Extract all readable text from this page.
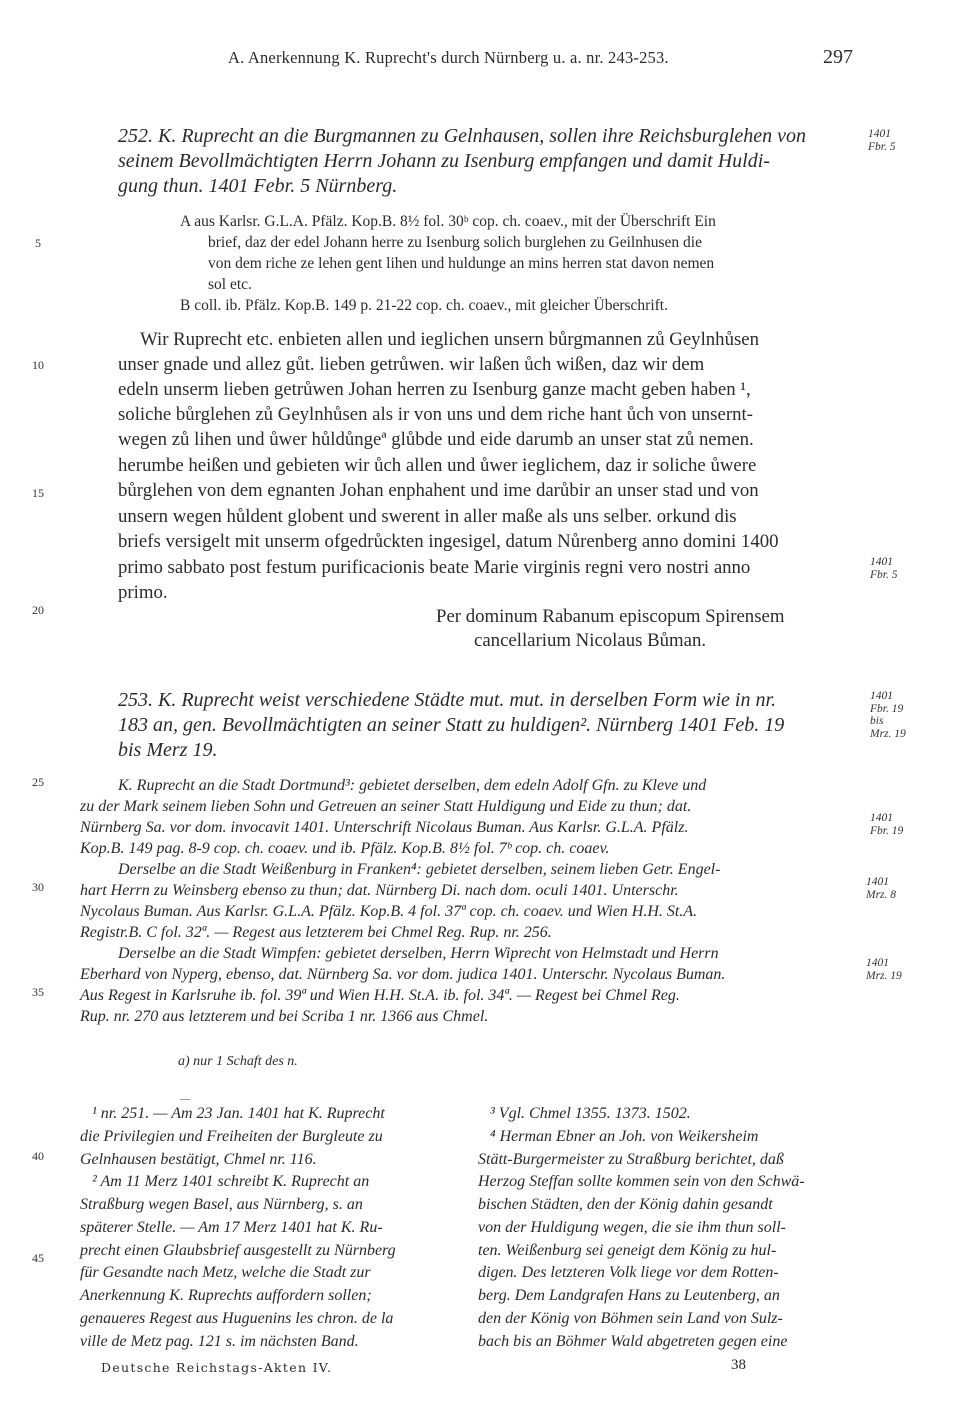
A. Anerkennung K. Ruprecht's durch Nürnberg u. a. nr. 243-253.	297
252. K. Ruprecht an die Burgmannen zu Gelnhausen, sollen ihre Reichsburglehen von
seinem Bevollmächtigten Herrn Johann zu Isenburg empfangen und damit Huldi-
gung thun. 1401 Febr. 5 Nürnberg.
A aus Karlsr. G.L.A. Pfälz. Kop.B. 8½ fol. 30ᵇ cop. ch. coaev., mit der Überschrift Ein
brief, daz der edel Johann herre zu Isenburg solich burglehen zu Geilnhusen die
von dem riche ze lehen gent lihen und huldunge an mins herren stat davon nemen
sol etc.
B coll. ib. Pfälz. Kop.B. 149 p. 21-22 cop. ch. coaev., mit gleicher Überschrift.
Wir Ruprecht etc. enbieten allen und ieglichen unsern bůrgmannen zů Geylnhůsen
unser gnade und allez gůt. lieben getrůwen. wir laßen ůch wißen, daz wir dem
edeln unserm lieben getrůwen Johan herren zu Isenburg ganze macht geben haben ¹,
soliche bůrglehen zů Geylnhůsen als ir von uns und dem riche hant ůch von unsernt-
wegen zů lihen und ůwer hůldůngeª glůbde und eide darumb an unser stat zů nemen.
herumbe heißen und gebieten wir ůch allen und ůwer ieglichem, daz ir soliche ůwere
bůrglehen von dem egnanten Johan enphahent und ime darůbir an unser stad und von
unsern wegen hůldent globent und swerent in aller maße als uns selber. orkund dis
briefs versigelt mit unserm ofgedrůckten ingesigel, datum Nůrenberg anno domini 1400
primo sabbato post festum purificacionis beate Marie virginis regni vero nostri anno
primo.
Per dominum Rabanum episcopum Spirensem
cancellarium Nicolaus Bůman.
253. K. Ruprecht weist verschiedene Städte mut. mut. in derselben Form wie in nr.
183 an, gen. Bevollmächtigten an seiner Statt zu huldigen². Nürnberg 1401 Feb. 19
bis Merz 19.
K. Ruprecht an die Stadt Dortmund³: gebietet derselben, dem edeln Adolf Gfn. zu Kleve und
zu der Mark seinem lieben Sohn und Getreuen an seiner Statt Huldigung und Eide zu thun; dat.
Nürnberg Sa. vor dom. invocavit 1401. Unterschrift Nicolaus Buman. Aus Karlsr. G.L.A. Pfälz.
Kop.B. 149 pag. 8-9 cop. ch. coaev. und ib. Pfälz. Kop.B. 8½ fol. 7ᵇ cop. ch. coaev.
Derselbe an die Stadt Weißenburg in Franken⁴: gebietet derselben, seinem lieben Getr. Engel-
hart Herrn zu Weinsberg ebenso zu thun; dat. Nürnberg Di. nach dom. oculi 1401. Unterschr.
Nycolaus Buman. Aus Karlsr. G.L.A. Pfälz. Kop.B. 4 fol. 37ª cop. ch. coaev. und Wien H.H. St.A.
Registr.B. C fol. 32ª. — Regest aus letzterem bei Chmel Reg. Rup. nr. 256.
Derselbe an die Stadt Wimpfen: gebietet derselben, Herrn Wiprecht von Helmstadt und Herrn
Eberhard von Nyperg, ebenso, dat. Nürnberg Sa. vor dom. judica 1401. Unterschr. Nycolaus Buman.
Aus Regest in Karlsruhe ib. fol. 39ª und Wien H.H. St.A. ib. fol. 34ª. — Regest bei Chmel Reg.
Rup. nr. 270 aus letzterem und bei Scriba 1 nr. 1366 aus Chmel.
a) nur 1 Schaft des n.
¹ nr. 251. — Am 23 Jan. 1401 hat K. Ruprecht
die Privilegien und Freiheiten der Burgleute zu
Gelnhausen bestätigt, Chmel nr. 116.
² Am 11 Merz 1401 schreibt K. Ruprecht an
Straßburg wegen Basel, aus Nürnberg, s. an
späterer Stelle. — Am 17 Merz 1401 hat K. Ru-
precht einen Glaubsbrief ausgestellt zu Nürnberg
für Gesandte nach Metz, welche die Stadt zur
Anerkennung K. Ruprechts auffordern sollen;
genaueres Regest aus Huguenins les chron. de la
ville de Metz pag. 121 s. im nächsten Band.
³ Vgl. Chmel 1355. 1373. 1502.
⁴ Herman Ebner an Joh. von Weikersheim
Stätt-Burgermeister zu Straßburg berichtet, daß
Herzog Steffan sollte kommen sein von den Schwä-
bischen Städten, den der König dahin gesandt
von der Huldigung wegen, die sie ihm thun soll-
ten. Weißenburg sei geneigt dem König zu hul-
digen. Des letzteren Volk liege vor dem Rotten-
berg. Dem Landgrafen Hans zu Leutenberg, an
den der König von Böhmen sein Land von Sulz-
bach bis an Böhmer Wald abgetreten gegen eine
Deutsche Reichstags-Akten IV.	38
5
10
15
20
25
30
35
40
45
1401
Fbr. 5
1401
Fbr. 5
1401
Fbr. 19
bis
Mrz. 19
1401
Fbr. 19
1401
Mrz. 8
1401
Mrz. 19
